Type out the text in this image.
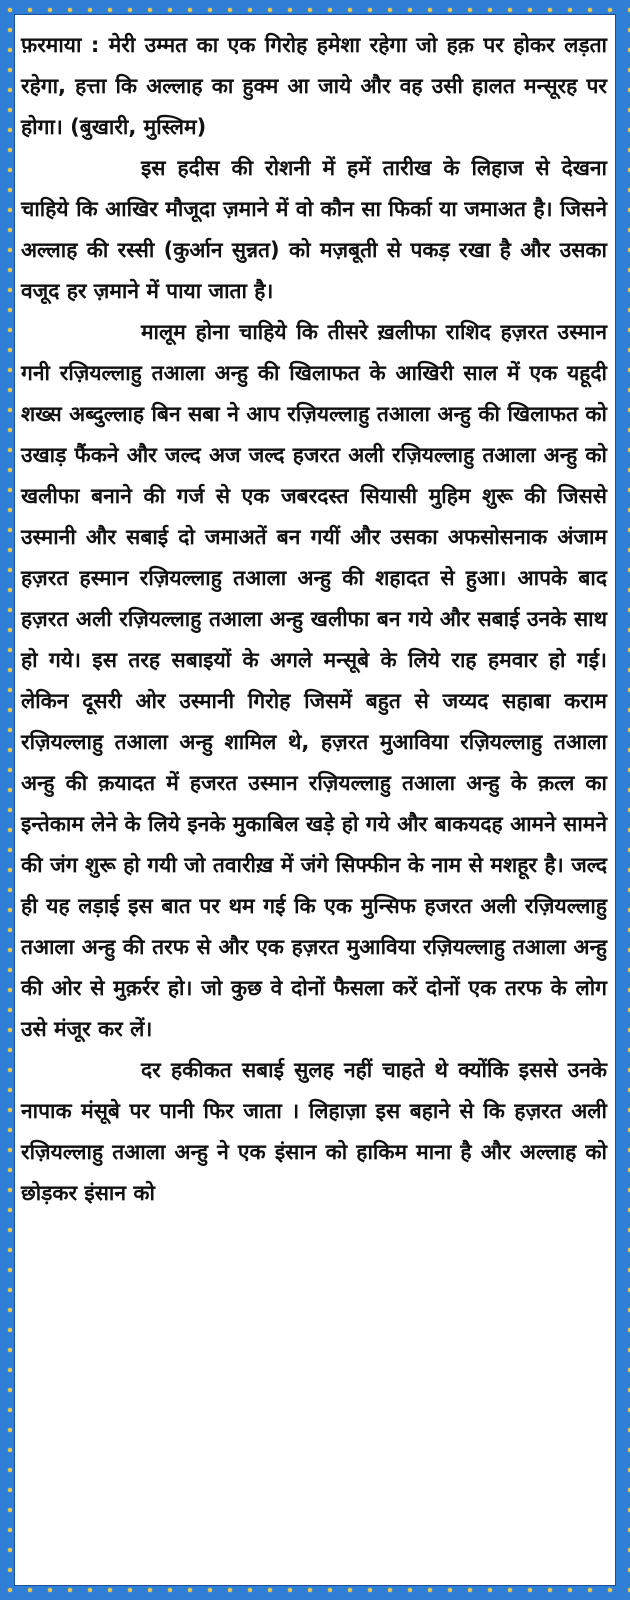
फ़रमाया : मेरी उम्मत का एक गिरोह हमेशा रहेगा जो हक़ पर होकर लड़ता रहेगा, हत्ता कि अल्लाह का हुक्म आ जाये और वह उसी हालत मन्सूरह पर होगा। (बुखारी, मुस्लिम)

इस हदीस की रोशनी में हमें तारीख के लिहाज से देखना चाहिये कि आखिर मौजूदा ज़माने में वो कौन सा फिर्का या जमाअत है। जिसने अल्लाह की रस्सी (कुर्आन सुन्नत) को मज़बूती से पकड़ रखा है और उसका वजूद हर ज़माने में पाया जाता है।

मालूम होना चाहिये कि तीसरे ख़लीफा राशिद हज़रत उस्मान गनी रज़ियल्लाहु तआला अन्हु की खिलाफत के आखिरी साल में एक यहूदी शख्स अब्दुल्लाह बिन सबा ने आप रज़ियल्लाहु तआला अन्हु की खिलाफत को उखाड़ फैंकने और जल्द अज जल्द हजरत अली रज़ियल्लाहु तआला अन्हु को खलीफा बनाने की गर्ज से एक जबरदस्त सियासी मुहिम शुरू की जिससे उस्मानी और सबाई दो जमाअतें बन गयीं और उसका अफसोसनाक अंजाम हज़रत हस्मान रज़ियल्लाहु तआला अन्हु की शहादत से हुआ। आपके बाद हज़रत अली रज़ियल्लाहु तआला अन्हु खलीफा बन गये और सबाई उनके साथ हो गये। इस तरह सबाइयों के अगले मन्सूबे के लिये राह हमवार हो गई। लेकिन दूसरी ओर उस्मानी गिरोह जिसमें बहुत से जय्यद सहाबा कराम रज़ियल्लाहु तआला अन्हु शामिल थे, हज़रत मुआविया रज़ियल्लाहु तआला अन्हु की क़यादत में हजरत उस्मान रज़ियल्लाहु तआला अन्हु के क़त्ल का इन्तेकाम लेने के लिये इनके मुकाबिल खड़े हो गये और बाकयदह आमने सामने की जंग शुरू हो गयी जो तवारीख़ में जंगे सिफ्फीन के नाम से मशहूर है। जल्द ही यह लड़ाई इस बात पर थम गई कि एक मुन्सिफ हजरत अली रज़ियल्लाहु तआला अन्हु की तरफ से और एक हज़रत मुआविया रज़ियल्लाहु तआला अन्हु की ओर से मुक़र्रर हो। जो कुछ वे दोनों फैसला करें दोनों एक तरफ के लोग उसे मंजूर कर लें।

दर हकीकत सबाई सुलह नहीं चाहते थे क्योंकि इससे उनके नापाक मंसूबे पर पानी फिर जाता । लिहाज़ा इस बहाने से कि हज़रत अली रज़ियल्लाहु तआला अन्हु ने एक इंसान को हाकिम माना है और अल्लाह को छोड़कर इंसान को
